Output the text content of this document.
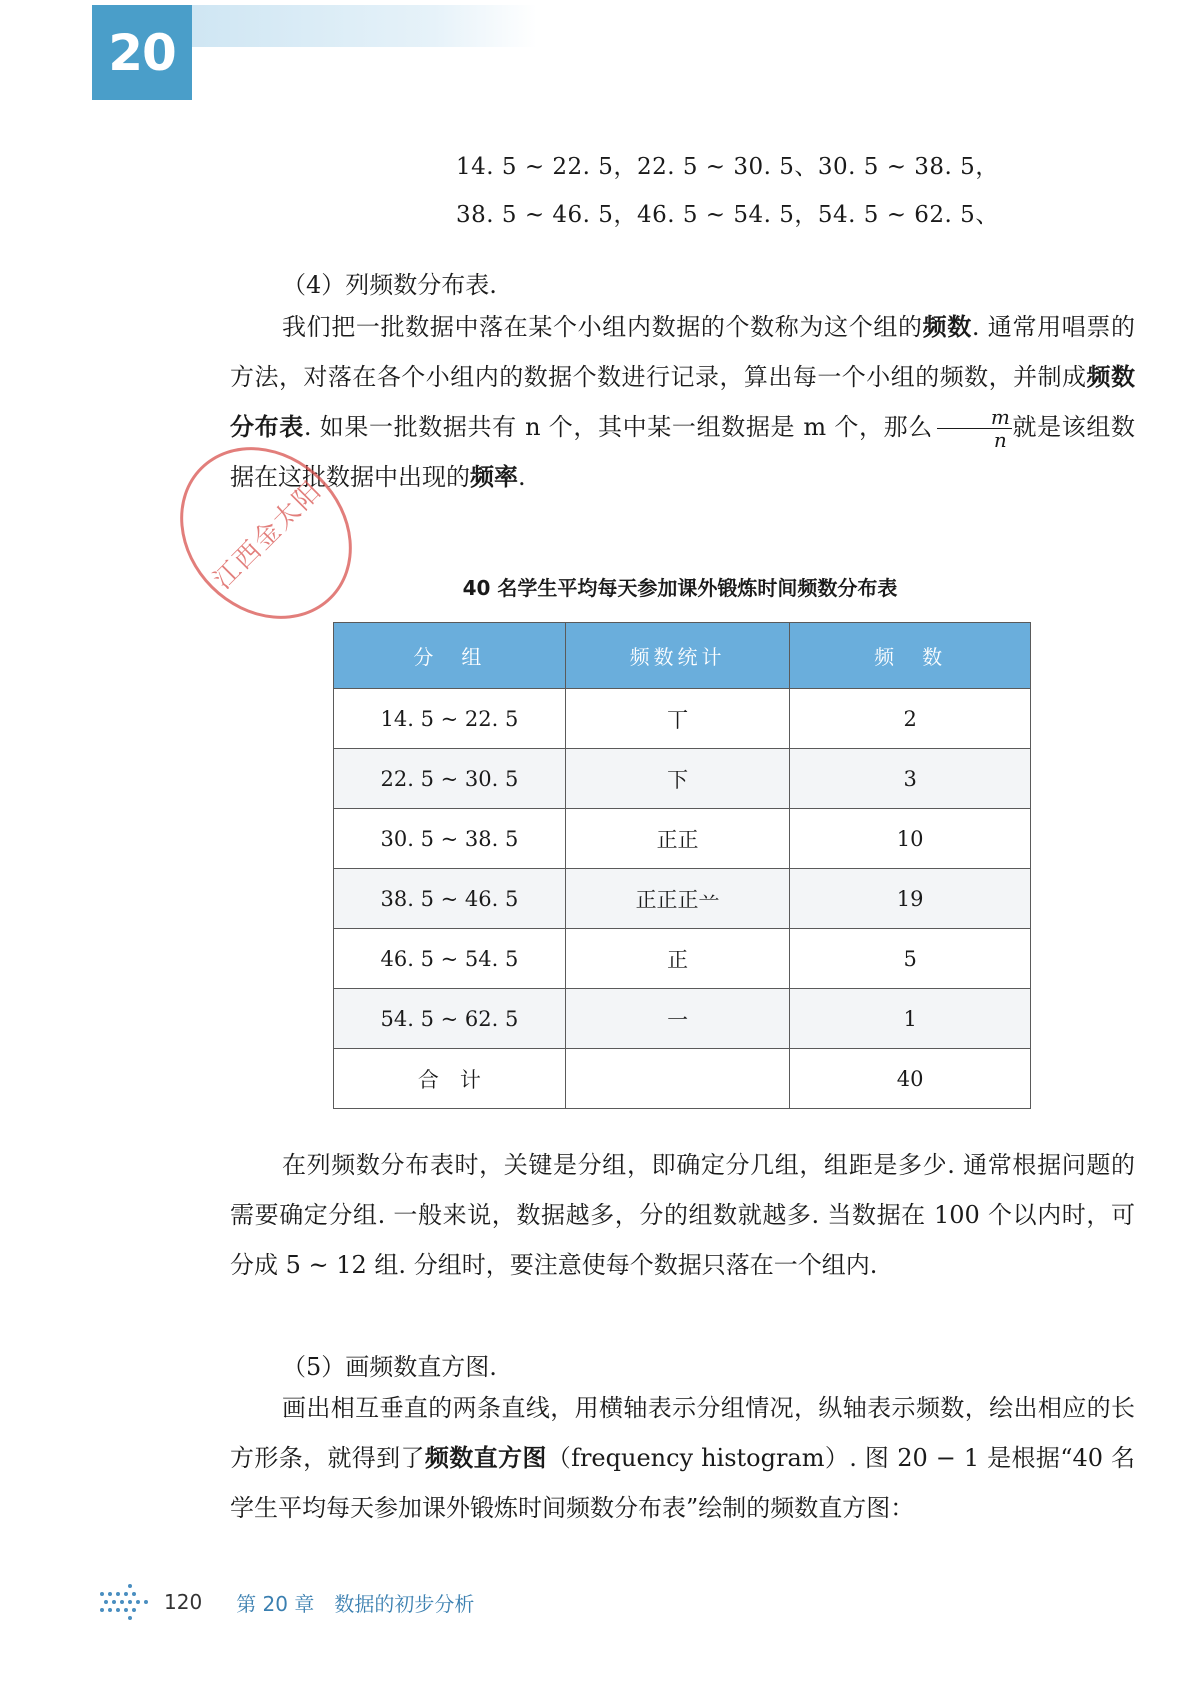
20
14. 5 ~ 22. 5，22. 5 ~ 30. 5、30. 5 ~ 38. 5，
38. 5 ~ 46. 5，46. 5 ~ 54. 5，54. 5 ~ 62. 5、
（4）列频数分布表.
我们把一批数据中落在某个小组内数据的个数称为这个组的频数. 通常用唱票的方法，对落在各个小组内的数据个数进行记录，算出每一个小组的频数，并制成频数分布表. 如果一批数据共有 n 个，其中某一组数据是 m 个，那么 $\frac{m}{n}$ 就是该组数据在这批数据中出现的频率.
江西金太阳	40 名学生平均每天参加课外锻炼时间频数分布表
分　组	频数统计	频　数
14. 5 ~ 22. 5	丅	2
22. 5 ~ 30. 5	下	3
30. 5 ~ 38. 5	正正	10
38. 5 ~ 46. 5	正正正䒑	19
46. 5 ~ 54. 5	正	5
54. 5 ~ 62. 5	一	1
合　计		40
在列频数分布表时，关键是分组，即确定分几组，组距是多少. 通常根据问题的需要确定分组. 一般来说，数据越多，分的组数就越多. 当数据在 100 个以内时，可分成 5 ~ 12 组. 分组时，要注意使每个数据只落在一个组内.
（5）画频数直方图.
画出相互垂直的两条直线，用横轴表示分组情况，纵轴表示频数，绘出相应的长方形条，就得到了频数直方图（frequency histogram）. 图 20 − 1 是根据“40 名学生平均每天参加课外锻炼时间频数分布表”绘制的频数直方图：
120 第 20 章　数据的初步分析
